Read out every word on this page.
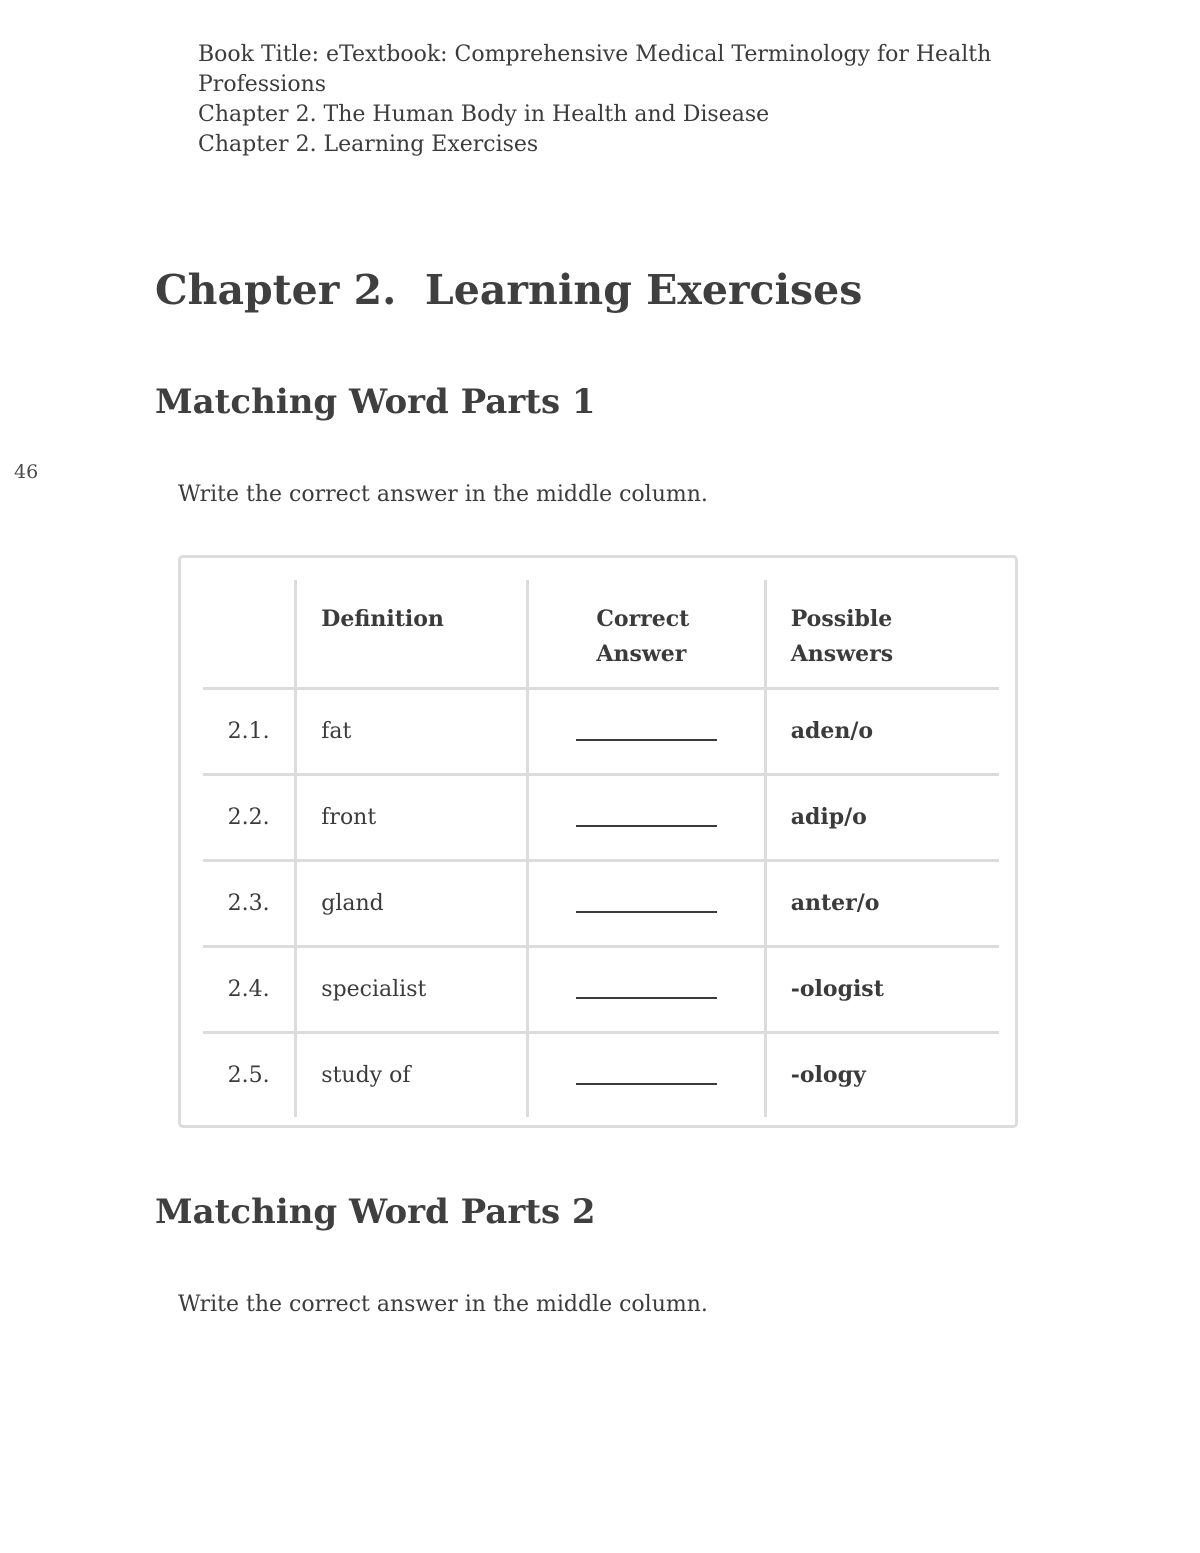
Book Title: eTextbook: Comprehensive Medical Terminology for Health Professions
Chapter 2. The Human Body in Health and Disease
Chapter 2. Learning Exercises
46
Chapter 2.  Learning Exercises
Matching Word Parts 1

Write the correct answer in the middle column.

	Definition	Correct Answer	Possible Answers
2.1.	fat		aden/o
2.2.	front		adip/o
2.3.	gland		anter/o
2.4.	specialist		-ologist
2.5.	study of		-ology
Matching Word Parts 2

Write the correct answer in the middle column.
